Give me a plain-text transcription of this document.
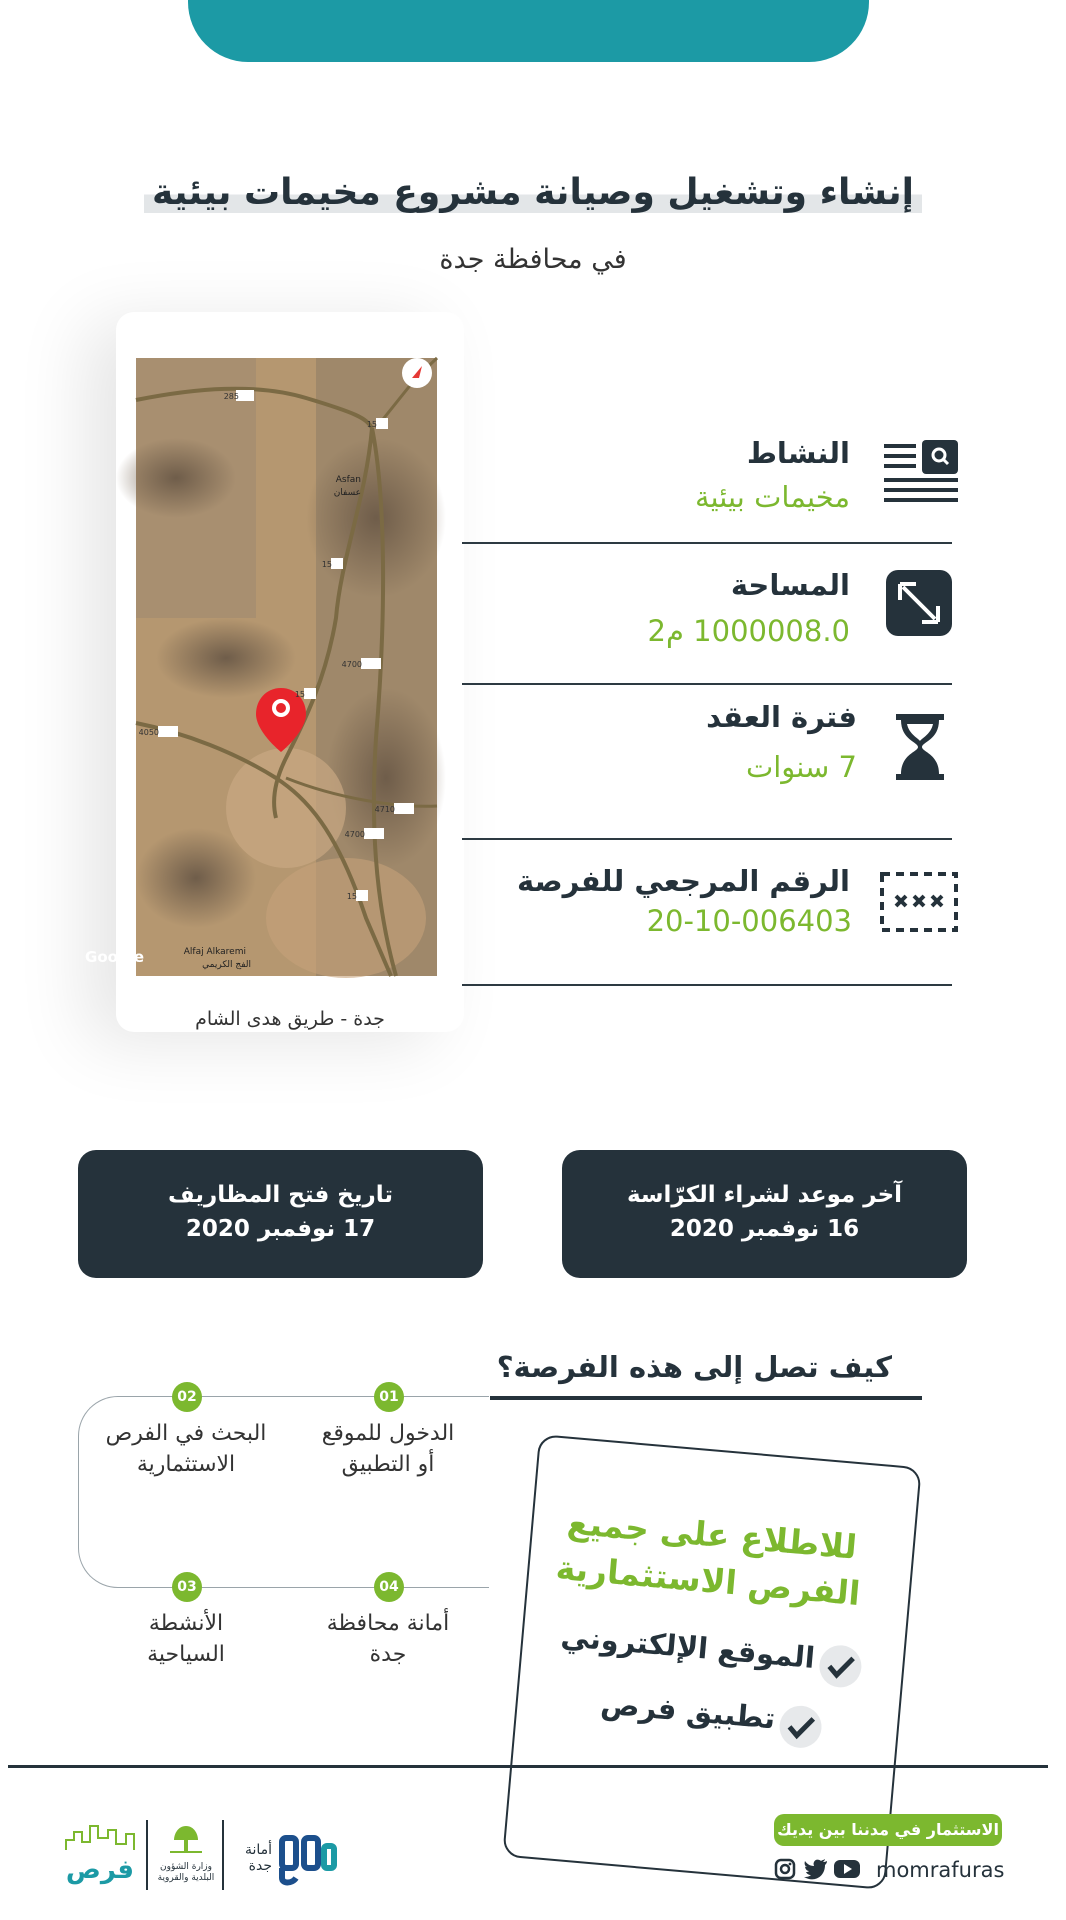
إنشاء وتشغيل وصيانة مشروع مخيمات بيئية
في محافظة جدة
285
15
15
4700
15
4050
4710
4700
15
Asfan
عسفان
Alfaj Alkaremi
الفج الكريمي
Google
جدة - طريق هدى الشام
النشاط
مخيمات بيئية
المساحة
1000008.0 م2
فترة العقد
7 سنوات
الرقم المرجعي للفرصة
20-10-006403
آخر موعد لشراء الكرّاسة
16 نوفمبر 2020
تاريخ فتح المظاريف
17 نوفمبر 2020
كيف تصل إلى هذه الفرصة؟
01
الدخول للموقع
أو التطبيق
02
البحث في الفرص
الاستثمارية
03
الأنشطة
السياحية
04
أمانة محافظة
جدة
للاطلاع على جميع
الفرص الاستثمارية
الموقع الإلكتروني
تطبيق فرص
الاستثمار في مدننا بين يديك
momrafuras
أمانة
جدة
وزارة الشؤون
البلدية والقروية
فرص
